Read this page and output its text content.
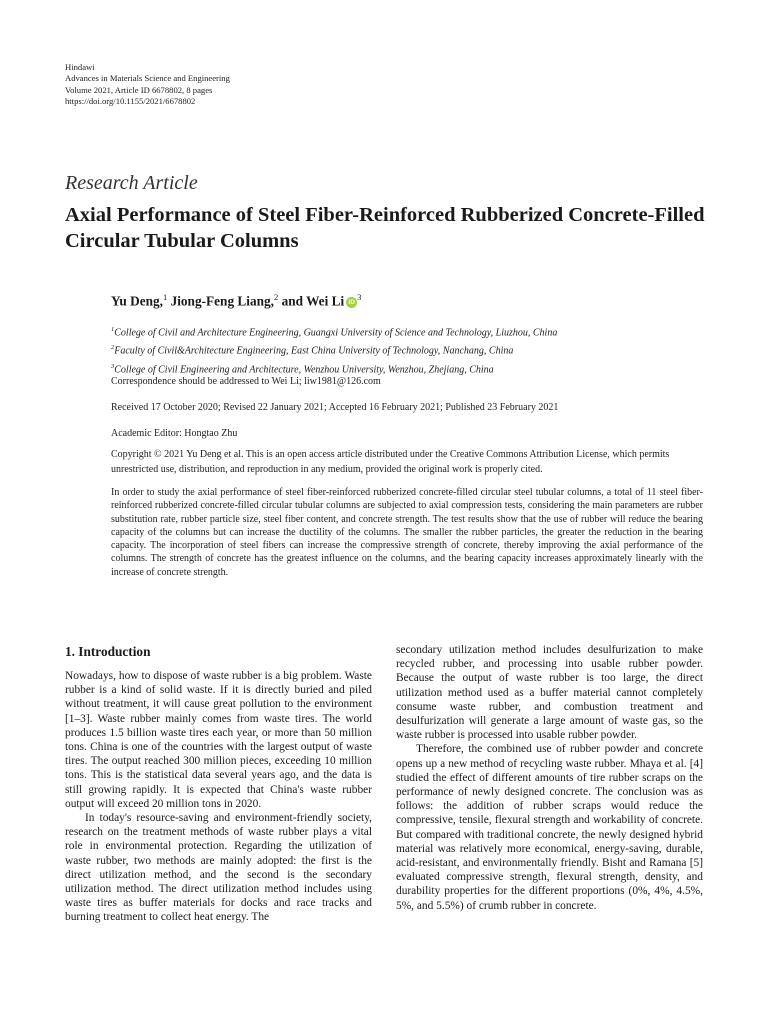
Hindawi
Advances in Materials Science and Engineering
Volume 2021, Article ID 6678802, 8 pages
https://doi.org/10.1155/2021/6678802
Research Article
Axial Performance of Steel Fiber-Reinforced Rubberized Concrete-Filled Circular Tubular Columns
Yu Deng,$^1$ Jiong-Feng Liang,$^2$ and Wei Li $iD^3$
$^1$College of Civil and Architecture Engineering, Guangxi University of Science and Technology, Liuzhou, China
$^2$Faculty of Civil&Architecture Engineering, East China University of Technology, Nanchang, China
$^3$College of Civil Engineering and Architecture, Wenzhou University, Wenzhou, Zhejiang, China
Correspondence should be addressed to Wei Li; liw1981@126.com
Received 17 October 2020; Revised 22 January 2021; Accepted 16 February 2021; Published 23 February 2021
Academic Editor: Hongtao Zhu
Copyright © 2021 Yu Deng et al. This is an open access article distributed under the Creative Commons Attribution License, which permits unrestricted use, distribution, and reproduction in any medium, provided the original work is properly cited.
In order to study the axial performance of steel fiber-reinforced rubberized concrete-filled circular steel tubular columns, a total of 11 steel fiber-reinforced rubberized concrete-filled circular tubular columns are subjected to axial compression tests, considering the main parameters are rubber substitution rate, rubber particle size, steel fiber content, and concrete strength. The test results show that the use of rubber will reduce the bearing capacity of the columns but can increase the ductility of the columns. The smaller the rubber particles, the greater the reduction in the bearing capacity. The incorporation of steel fibers can increase the compressive strength of concrete, thereby improving the axial performance of the columns. The strength of concrete has the greatest influence on the columns, and the bearing capacity increases approximately linearly with the increase of concrete strength.
1. Introduction

Nowadays, how to dispose of waste rubber is a big problem. Waste rubber is a kind of solid waste. If it is directly buried and piled without treatment, it will cause great pollution to the environment [1–3]. Waste rubber mainly comes from waste tires. The world produces 1.5 billion waste tires each year, or more than 50 million tons. China is one of the countries with the largest output of waste tires. The output reached 300 million pieces, exceeding 10 million tons. This is the statistical data several years ago, and the data is still growing rapidly. It is expected that China's waste rubber output will exceed 20 million tons in 2020.

In today's resource-saving and environment-friendly society, research on the treatment methods of waste rubber plays a vital role in environmental protection. Regarding the utilization of waste rubber, two methods are mainly adopted: the first is the direct utilization method, and the second is the secondary utilization method. The direct utilization method includes using waste tires as buffer materials for docks and race tracks and burning treatment to collect heat energy. The

secondary utilization method includes desulfurization to make recycled rubber, and processing into usable rubber powder. Because the output of waste rubber is too large, the direct utilization method used as a buffer material cannot completely consume waste rubber, and combustion treatment and desulfurization will generate a large amount of waste gas, so the waste rubber is processed into usable rubber powder.

Therefore, the combined use of rubber powder and concrete opens up a new method of recycling waste rubber. Mhaya et al. [4] studied the effect of different amounts of tire rubber scraps on the performance of newly designed concrete. The conclusion was as follows: the addition of rubber scraps would reduce the compressive, tensile, flexural strength and workability of concrete. But compared with traditional concrete, the newly designed hybrid material was relatively more economical, energy-saving, durable, acid-resistant, and environmentally friendly. Bisht and Ramana [5] evaluated compressive strength, flexural strength, density, and durability properties for the different proportions (0%, 4%, 4.5%, 5%, and 5.5%) of crumb rubber in concrete.
